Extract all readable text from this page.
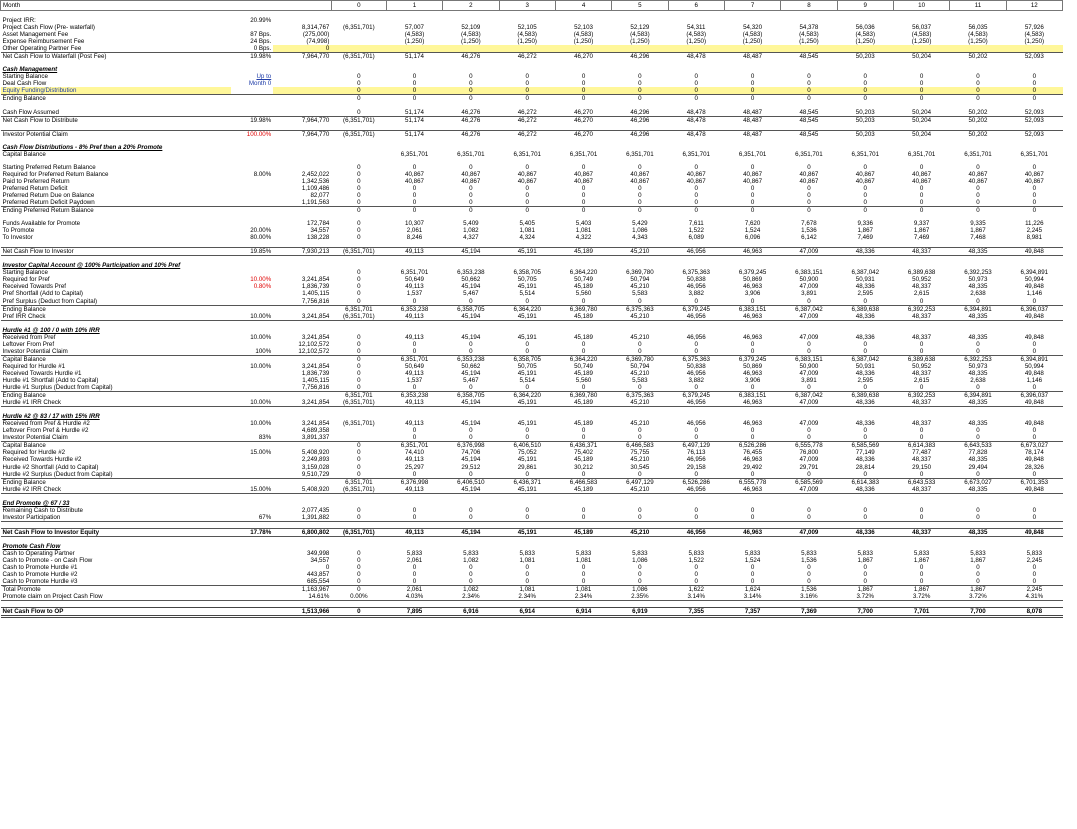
Month			0	1	2	3	4	5	6	7	8	9	10	11	12

Project IRR:	20.99%														
Project Cash Flow (Pre- waterfall)		8,314,767	(6,351,701)	57,007	52,109	52,105	52,103	52,129	54,311	54,320	54,378	56,036	56,037	56,035	57,926
Asset Management Fee	87 Bps.	(275,000)		(4,583)	(4,583)	(4,583)	(4,583)	(4,583)	(4,583)	(4,583)	(4,583)	(4,583)	(4,583)	(4,583)	(4,583)
Expense Reimbursement Fee	24 Bps.	(74,998)		(1,250)	(1,250)	(1,250)	(1,250)	(1,250)	(1,250)	(1,250)	(1,250)	(1,250)	(1,250)	(1,250)	(1,250)
Other Operating Partner Fee	0 Bps.	0													
Net Cash Flow to Waterfall (Post Fee)	19.98%	7,964,770	(6,351,701)	51,174	46,276	46,272	46,270	46,296	48,478	48,487	48,545	50,203	50,204	50,202	52,093

Cash Management															
Starting Balance	Up to		0	0	0	0	0	0	0	0	0	0	0	0	0
Deal Cash Flow	Month 0		0	0	0	0	0	0	0	0	0	0	0	0	0
Equity Funding/Distribution			0	0	0	0	0	0	0	0	0	0	0	0	0
Ending Balance			0	0	0	0	0	0	0	0	0	0	0	0	0

Cash Flow Assumed			0	51,174	46,276	46,272	46,270	46,296	48,478	48,487	48,545	50,203	50,204	50,202	52,093
Net Cash Flow to Distribute	19.98%	7,964,770	(6,351,701)	51,174	46,276	46,272	46,270	46,296	48,478	48,487	48,545	50,203	50,204	50,202	52,093

Investor Potential Claim	100.00%	7,964,770	(6,351,701)	51,174	46,276	46,272	46,270	46,296	48,478	48,487	48,545	50,203	50,204	50,202	52,093

Cash Flow Distributions - 8% Pref then a 20% Promote															
Capital Balance				6,351,701	6,351,701	6,351,701	6,351,701	6,351,701	6,351,701	6,351,701	6,351,701	6,351,701	6,351,701	6,351,701	6,351,701

Starting Preferred Return Balance			0	0	0	0	0	0	0	0	0	0	0	0	0
Required for Preferred Return Balance	8.00%	2,452,022	0	40,867	40,867	40,867	40,867	40,867	40,867	40,867	40,867	40,867	40,867	40,867	40,867
Paid to Preferred Return		1,342,536	0	40,867	40,867	40,867	40,867	40,867	40,867	40,867	40,867	40,867	40,867	40,867	40,867
Preferred Return Deficit		1,109,486	0	0	0	0	0	0	0	0	0	0	0	0	0
Preferred Return Due on Balance		82,077	0	0	0	0	0	0	0	0	0	0	0	0	0
Preferred Return Deficit Paydown		1,191,563	0	0	0	0	0	0	0	0	0	0	0	0	0
Ending Preferred Return Balance			0	0	0	0	0	0	0	0	0	0	0	0	0

Funds Available for Promote		172,784	0	10,307	5,409	5,405	5,403	5,429	7,611	7,620	7,678	9,336	9,337	9,335	11,226
To Promote	20.00%	34,557	0	2,061	1,082	1,081	1,081	1,086	1,522	1,524	1,536	1,867	1,867	1,867	2,245
To Investor	80.00%	138,228	0	8,246	4,327	4,324	4,322	4,343	6,089	6,096	6,142	7,469	7,469	7,468	8,981

Net Cash Flow to Investor	19.85%	7,930,213	(6,351,701)	49,113	45,194	45,191	45,189	45,210	46,956	46,963	47,009	48,336	48,337	48,335	49,848

Investor Capital Account @ 100% Participation and 10% Pref															
Starting Balance			0	6,351,701	6,353,238	6,358,705	6,364,220	6,369,780	6,375,363	6,379,245	6,383,151	6,387,042	6,389,638	6,392,253	6,394,891
Required for Pref	10.00%	3,241,854	0	50,649	50,662	50,705	50,749	50,794	50,838	50,869	50,900	50,931	50,952	50,973	50,994
Received Towards Pref	0.80%	1,836,739	0	49,113	45,194	45,191	45,189	45,210	46,956	46,963	47,009	48,336	48,337	48,335	49,848
Pref Shortfall (Add to Capital)		1,405,115	0	1,537	5,467	5,514	5,560	5,583	3,882	3,906	3,891	2,595	2,615	2,638	1,146
Pref Surplus (Deduct from Capital)		7,756,816	0	0	0	0	0	0	0	0	0	0	0	0	0
Ending Balance			6,351,701	6,353,238	6,358,705	6,364,220	6,369,780	6,375,363	6,379,245	6,383,151	6,387,042	6,389,638	6,392,253	6,394,891	6,396,037
Pref IRR Check	10.00%	3,241,854	(6,351,701)	49,113	45,194	45,191	45,189	45,210	46,956	46,963	47,009	48,336	48,337	48,335	49,848

Hurdle #1 @ 100 / 0 with 10% IRR															
Received from Pref	10.00%	3,241,854	0	49,113	45,194	45,191	45,189	45,210	46,956	46,963	47,009	48,336	48,337	48,335	49,848
Leftover From Pref		12,102,572	0	0	0	0	0	0	0	0	0	0	0	0	0
Investor Potential Claim	100%	12,102,572	0	0	0	0	0	0	0	0	0	0	0	0	0
Capital Balance			0	6,351,701	6,353,238	6,358,705	6,364,220	6,369,780	6,375,363	6,379,245	6,383,151	6,387,042	6,389,638	6,392,253	6,394,891
Required for Hurdle #1	10.00%	3,241,854	0	50,649	50,662	50,705	50,749	50,794	50,838	50,869	50,900	50,931	50,952	50,973	50,994
Received Towards Hurdle #1		1,836,739	0	49,113	45,194	45,191	45,189	45,210	46,956	46,963	47,009	48,336	48,337	48,335	49,848
Hurdle #1 Shortfall (Add to Capital)		1,405,115	0	1,537	5,467	5,514	5,560	5,583	3,882	3,906	3,891	2,595	2,615	2,638	1,146
Hurdle #1 Surplus (Deduct from Capital)		7,756,816	0	0	0	0	0	0	0	0	0	0	0	0	0
Ending Balance			6,351,701	6,353,238	6,358,705	6,364,220	6,369,780	6,375,363	6,379,245	6,383,151	6,387,042	6,389,638	6,392,253	6,394,891	6,396,037
Hurdle #1 IRR Check	10.00%	3,241,854	(6,351,701)	49,113	45,194	45,191	45,189	45,210	46,956	46,963	47,009	48,336	48,337	48,335	49,848

Hurdle #2 @ 83 / 17 with 15% IRR															
Received from Pref & Hurdle #2	10.00%	3,241,854	(6,351,701)	49,113	45,194	45,191	45,189	45,210	46,956	46,963	47,009	48,336	48,337	48,335	49,848
Leftover From Pref & Hurdle #2		4,689,358		0	0	0	0	0	0	0	0	0	0	0	0
Investor Potential Claim	83%	3,891,337		0	0	0	0	0	0	0	0	0	0	0	0
Capital Balance			0	6,351,701	6,376,998	6,406,510	6,436,371	6,466,583	6,497,129	6,526,286	6,555,778	6,585,569	6,614,383	6,643,533	6,673,027
Required for Hurdle #2	15.00%	5,408,920	0	74,410	74,706	75,052	75,402	75,755	76,113	76,455	76,800	77,149	77,487	77,828	78,174
Received Towards Hurdle #2		2,249,893	0	49,113	45,194	45,191	45,189	45,210	46,956	46,963	47,009	48,336	48,337	48,335	49,848
Hurdle #2 Shortfall (Add to Capital)		3,159,028	0	25,297	29,512	29,861	30,212	30,545	29,158	29,492	29,791	28,814	29,150	29,494	28,326
Hurdle #2 Surplus (Deduct from Capital)		9,510,729	0	0	0	0	0	0	0	0	0	0	0	0	0
Ending Balance			6,351,701	6,376,998	6,406,510	6,436,371	6,466,583	6,497,129	6,526,286	6,555,778	6,585,569	6,614,383	6,643,533	6,673,027	6,701,353
Hurdle #2 IRR Check	15.00%	5,408,920	(6,351,701)	49,113	45,194	45,191	45,189	45,210	46,956	46,963	47,009	48,336	48,337	48,335	49,848

End Promote @ 67 / 33															
Remaining Cash to Distribute		2,077,435	0	0	0	0	0	0	0	0	0	0	0	0	0
Investor Participation	67%	1,391,882	0	0	0	0	0	0	0	0	0	0	0	0	0

Net Cash Flow to Investor Equity	17.78%	6,800,802	(6,351,701)	49,113	45,194	45,191	45,189	45,210	46,956	46,963	47,009	48,336	48,337	48,335	49,848

Promote Cash Flow															
Cash to Operating Partner		349,998	0	5,833	5,833	5,833	5,833	5,833	5,833	5,833	5,833	5,833	5,833	5,833	5,833
Cash to Promote - on Cash Flow		34,557	0	2,061	1,082	1,081	1,081	1,086	1,522	1,524	1,536	1,867	1,867	1,867	2,245
Cash to Promote Hurdle #1		0	0	0	0	0	0	0	0	0	0	0	0	0	0
Cash to Promote Hurdle #2		443,857	0	0	0	0	0	0	0	0	0	0	0	0	0
Cash to Promote Hurdle #3		685,554	0	0	0	0	0	0	0	0	0	0	0	0	0
Total Promote		1,163,967	0	2,061	1,082	1,081	1,081	1,086	1,622	1,624	1,536	1,867	1,867	1,867	2,245
Promote claim on Project Cash Flow		14.61%	0.00%	4.03%	2.34%	2.34%	2.34%	2.35%	3.14%	3.14%	3.16%	3.72%	3.72%	3.72%	4.31%

Net Cash Flow to OP		1,513,966	0	7,895	6,916	6,914	6,914	6,919	7,355	7,357	7,369	7,700	7,701	7,700	8,078
